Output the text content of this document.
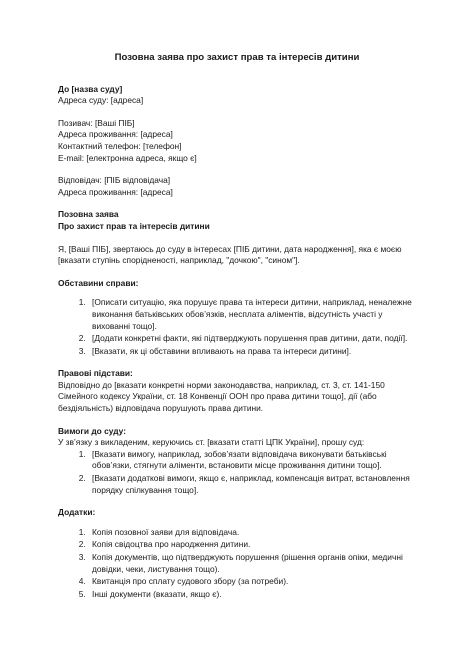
Позовна заява про захист прав та інтересів дитини

До [назва суду]

Адреса суду: [адреса]

Позивач: [Ваші ПІБ]

Адреса проживання: [адреса]

Контактний телефон: [телефон]

E-mail: [електронна адреса, якщо є]

Відповідач: [ПІБ відповідача]

Адреса проживання: [адреса]

Позовна заява

Про захист прав та інтересів дитини

Я, [Ваші ПІБ], звертаюсь до суду в інтересах [ПІБ дитини, дата народження], яка є моєю [вказати ступінь спорідненості, наприклад, "дочкою", "сином"].

Обставини справи:

1. [Описати ситуацію, яка порушує права та інтереси дитини, наприклад, неналежне виконання батьківських обов’язків, несплата аліментів, відсутність участі у вихованні тощо].
2. [Додати конкретні факти, які підтверджують порушення прав дитини, дати, події].
3. [Вказати, як ці обставини впливають на права та інтереси дитини].

Правові підстави:

Відповідно до [вказати конкретні норми законодавства, наприклад, ст. 3, ст. 141-150 Сімейного кодексу України, ст. 18 Конвенції ООН про права дитини тощо], дії (або бездіяльність) відповідача порушують права дитини.

Вимоги до суду:

У зв’язку з викладеним, керуючись ст. [вказати статті ЦПК України], прошу суд:

1. [Вказати вимогу, наприклад, зобов’язати відповідача виконувати батьківські обов’язки, стягнути аліменти, встановити місце проживання дитини тощо].
2. [Вказати додаткові вимоги, якщо є, наприклад, компенсація витрат, встановлення порядку спілкування тощо].

Додатки:

1. Копія позовної заяви для відповідача.
2. Копія свідоцтва про народження дитини.
3. Копія документів, що підтверджують порушення (рішення органів опіки, медичні довідки, чеки, листування тощо).
4. Квитанція про сплату судового збору (за потреби).
5. Інші документи (вказати, якщо є).
